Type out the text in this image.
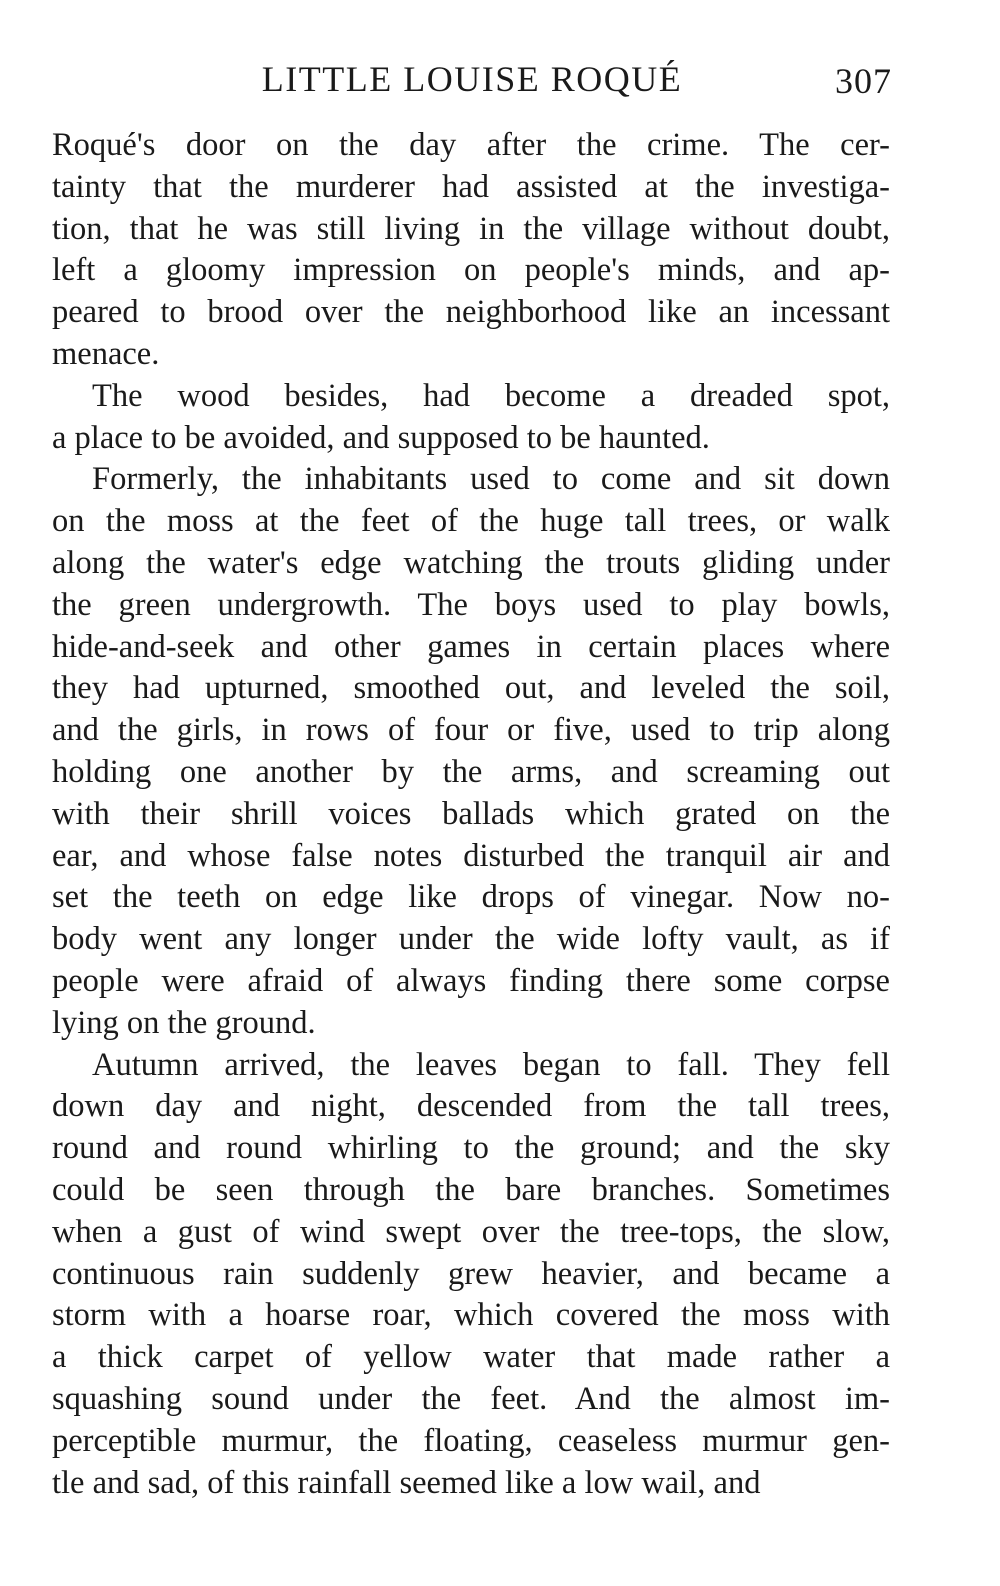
LITTLE LOUISE ROQUÉ	307
Roqué's door on the day after the crime. The cer-
tainty that the murderer had assisted at the investiga-
tion, that he was still living in the village without doubt,
left a gloomy impression on people's minds, and ap-
peared to brood over the neighborhood like an incessant
menace.
The wood besides, had become a dreaded spot,
a place to be avoided, and supposed to be haunted.
Formerly, the inhabitants used to come and sit down
on the moss at the feet of the huge tall trees, or walk
along the water's edge watching the trouts gliding under
the green undergrowth. The boys used to play bowls,
hide-and-seek and other games in certain places where
they had upturned, smoothed out, and leveled the soil,
and the girls, in rows of four or five, used to trip along
holding one another by the arms, and screaming out
with their shrill voices ballads which grated on the
ear, and whose false notes disturbed the tranquil air and
set the teeth on edge like drops of vinegar. Now no-
body went any longer under the wide lofty vault, as if
people were afraid of always finding there some corpse
lying on the ground.
Autumn arrived, the leaves began to fall. They fell
down day and night, descended from the tall trees,
round and round whirling to the ground; and the sky
could be seen through the bare branches. Sometimes
when a gust of wind swept over the tree-tops, the slow,
continuous rain suddenly grew heavier, and became a
storm with a hoarse roar, which covered the moss with
a thick carpet of yellow water that made rather a
squashing sound under the feet. And the almost im-
perceptible murmur, the floating, ceaseless murmur gen-
tle and sad, of this rainfall seemed like a low wail, and
